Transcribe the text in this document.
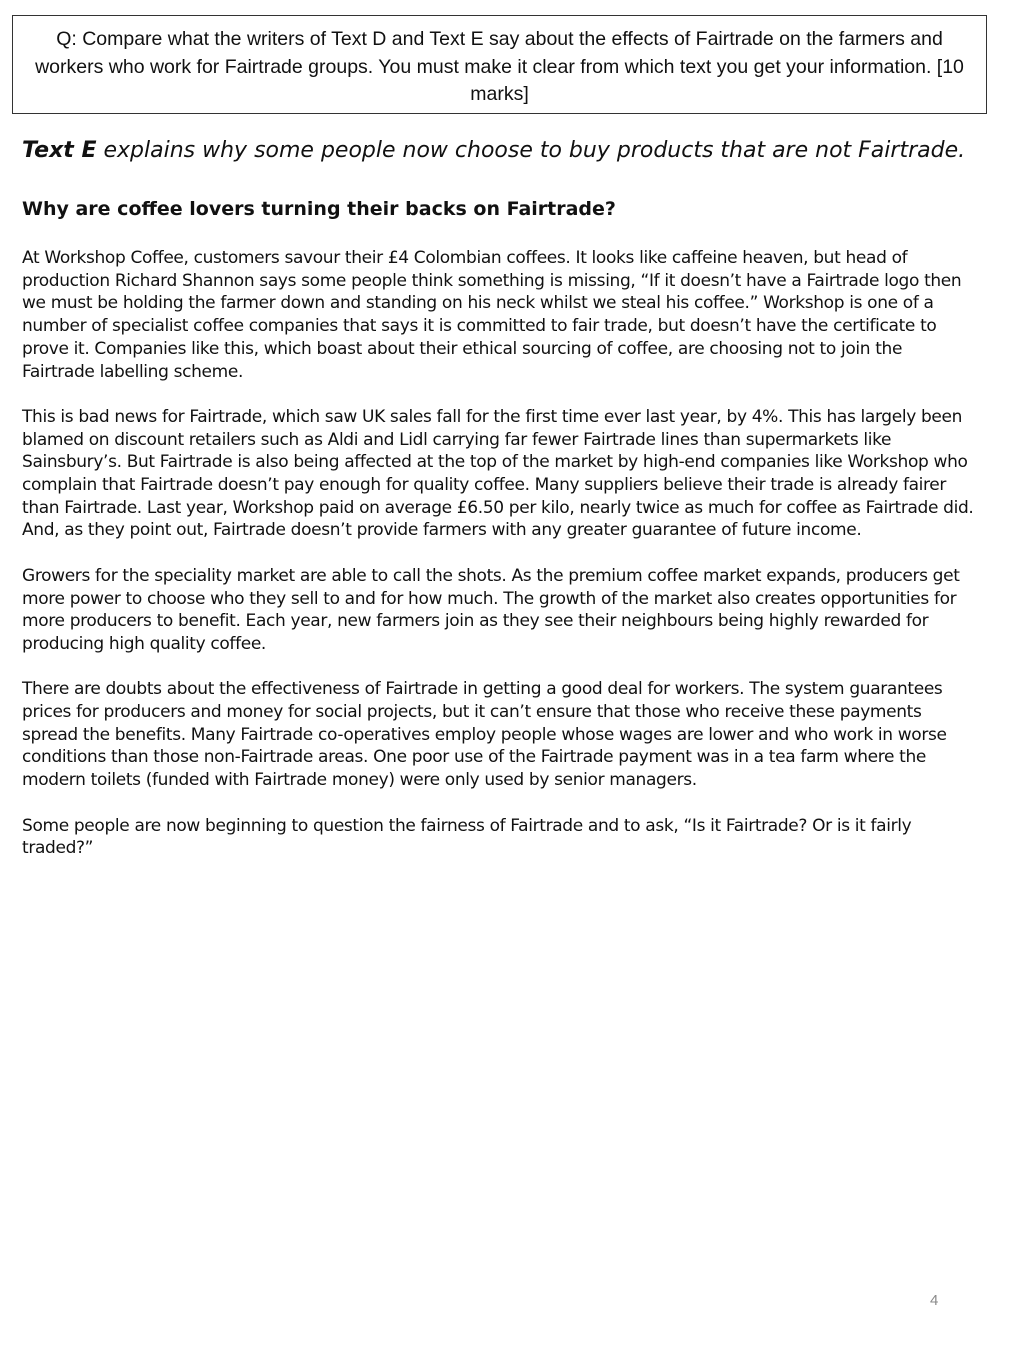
Q: Compare what the writers of Text D and Text E say about the effects of Fairtrade on the farmers and workers who work for Fairtrade groups. You must make it clear from which text you get your information. [10 marks]

Text E explains why some people now choose to buy products that are not Fairtrade.

Why are coffee lovers turning their backs on Fairtrade?

At Workshop Coffee, customers savour their £4 Colombian coffees. It looks like caffeine heaven, but head of production Richard Shannon says some people think something is missing, “If it doesn’t have a Fairtrade logo then we must be holding the farmer down and standing on his neck whilst we steal his coffee.” Workshop is one of a number of specialist coffee companies that says it is committed to fair trade, but doesn’t have the certificate to prove it. Companies like this, which boast about their ethical sourcing of coffee, are choosing not to join the Fairtrade labelling scheme.

This is bad news for Fairtrade, which saw UK sales fall for the first time ever last year, by 4%. This has largely been blamed on discount retailers such as Aldi and Lidl carrying far fewer Fairtrade lines than supermarkets like Sainsbury’s. But Fairtrade is also being affected at the top of the market by high-end companies like Workshop who complain that Fairtrade doesn’t pay enough for quality coffee. Many suppliers believe their trade is already fairer than Fairtrade. Last year, Workshop paid on average £6.50 per kilo, nearly twice as much for coffee as Fairtrade did. And, as they point out, Fairtrade doesn’t provide farmers with any greater guarantee of future income.

Growers for the speciality market are able to call the shots. As the premium coffee market expands, producers get more power to choose who they sell to and for how much. The growth of the market also creates opportunities for more producers to benefit. Each year, new farmers join as they see their neighbours being highly rewarded for producing high quality coffee.

There are doubts about the effectiveness of Fairtrade in getting a good deal for workers. The system guarantees prices for producers and money for social projects, but it can’t ensure that those who receive these payments spread the benefits. Many Fairtrade co-operatives employ people whose wages are lower and who work in worse conditions than those non-Fairtrade areas. One poor use of the Fairtrade payment was in a tea farm where the modern toilets (funded with Fairtrade money) were only used by senior managers.

Some people are now beginning to question the fairness of Fairtrade and to ask, “Is it Fairtrade? Or is it fairly traded?”

4
